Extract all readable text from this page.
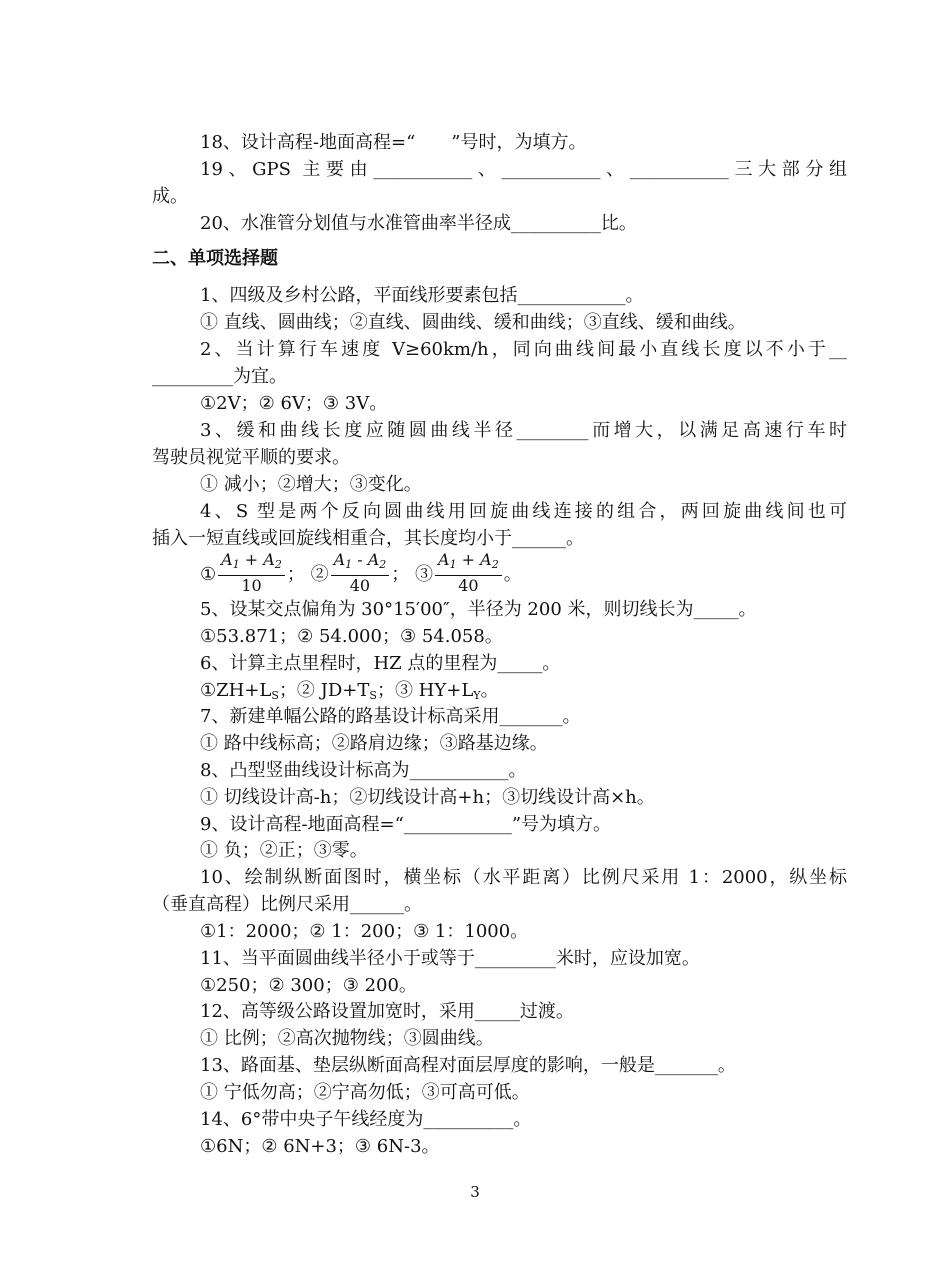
18、设计高程-地面高程=“　　”号时，为填方。
19、GPS 主要由___________、___________、___________三大部分组
成。
20、水准管分划值与水准管曲率半径成__________比。
二、单项选择题
1、四级及乡村公路，平面线形要素包括____________。
① 直线、圆曲线；②直线、圆曲线、缓和曲线；③直线、缓和曲线。
2、当计算行车速度 V≥60km/h，同向曲线间最小直线长度以不小于__
_________为宜。
①2V；② 6V；③ 3V。
3、缓和曲线长度应随圆曲线半径________而增大，以满足高速行车时
驾驶员视觉平顺的要求。
① 减小；②增大；③变化。
4、S 型是两个反向圆曲线用回旋曲线连接的组合，两回旋曲线间也可
插入一短直线或回旋线相重合，其长度均小于______。
① $\frac{A_1 + A_2}{10}$ ； ② $\frac{A_1 - A_2}{40}$ ； ③ $\frac{A_1 + A_2}{40}$ 。
5、设某交点偏角为 30°15′00″，半径为 200 米，则切线长为_____。
①53.871；② 54.000；③ 54.058。
6、计算主点里程时，HZ 点的里程为_____。
$①ZH+L_S$；② $JD+T_S$；③ $HY+L_Y$。
7、新建单幅公路的路基设计标高采用_______。
① 路中线标高；②路肩边缘；③路基边缘。
8、凸型竖曲线设计标高为___________。
① 切线设计高-h；②切线设计高+h；③切线设计高×h。
9、设计高程-地面高程=“____________”号为填方。
① 负；②正；③零。
10、绘制纵断面图时，横坐标（水平距离）比例尺采用 1：2000，纵坐标
（垂直高程）比例尺采用______。
①1：2000；② 1：200；③ 1：1000。
11、当平面圆曲线半径小于或等于_________米时，应设加宽。
①250；② 300；③ 200。
12、高等级公路设置加宽时，采用_____过渡。
① 比例；②高次抛物线；③圆曲线。
13、路面基、垫层纵断面高程对面层厚度的影响，一般是_______。
① 宁低勿高；②宁高勿低；③可高可低。
14、6°带中央子午线经度为__________。
①6N；② 6N+3；③ 6N-3。
3
